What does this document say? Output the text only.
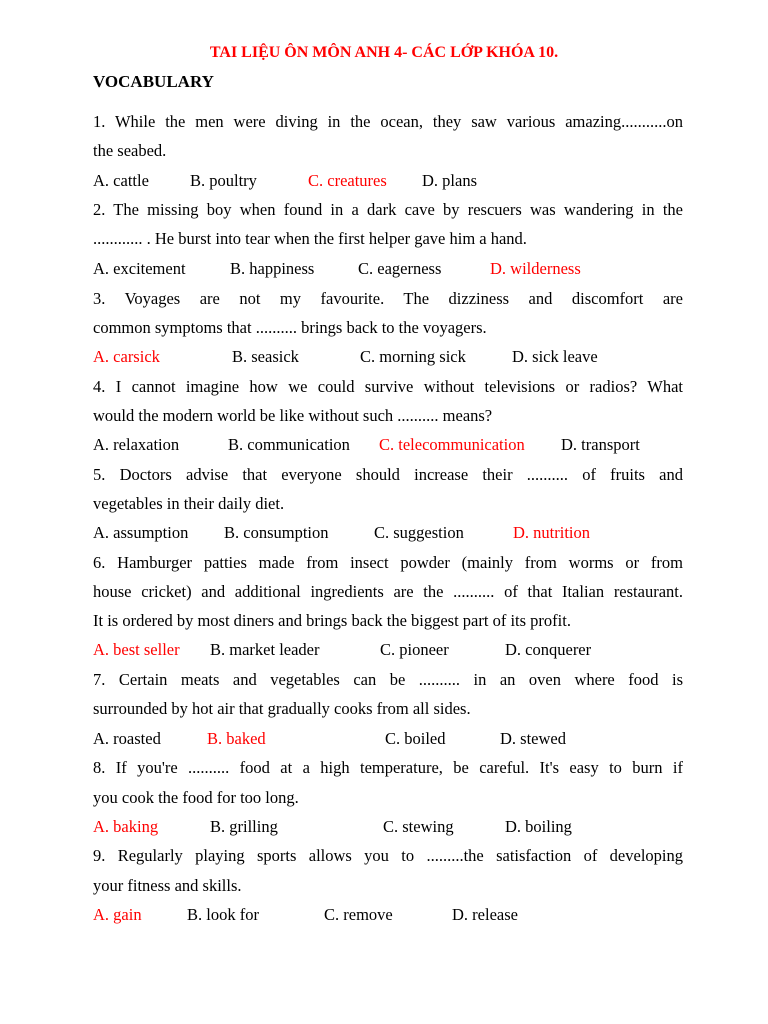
TAI LIỆU ÔN MÔN ANH 4- CÁC LỚP KHÓA 10.
VOCABULARY
1. While the men were diving in the ocean, they saw various amazing...........on
the seabed.
A. cattle B. poultry	C. creatures D. plans
2. The missing boy when found in a dark cave by rescuers was wandering in the
............ . He burst into tear when the first helper gave him a hand.
A. excitement	B. happiness	C. eagerness	D. wilderness
3. Voyages are not my favourite. The dizziness and discomfort are
common symptoms that .......... brings back to the voyagers.
A. carsick	B. seasick	C. morning sick	D. sick leave
4. I cannot imagine how we could survive without televisions or radios? What
would the modern world be like without such .......... means?
A. relaxation	B. communication C. telecommunication D. transport
5. Doctors advise that everyone should increase their .......... of fruits and
vegetables in their daily diet.
A. assumption B. consumption	C. suggestion	D. nutrition
6. Hamburger patties made from insect powder (mainly from worms or from
house cricket) and additional ingredients are the .......... of that Italian restaurant.
It is ordered by most diners and brings back the biggest part of its profit.
A. best seller B. market leader	C. pioneer	D. conquerer
7. Certain meats and vegetables can be .......... in an oven where food is
surrounded by hot air that gradually cooks from all sides.
A. roasted	B. baked	C. boiled	D. stewed
8. If you're .......... food at a high temperature, be careful. It's easy to burn if
you cook the food for too long.
A. baking	B. grilling	C. stewing	D. boiling
9. Regularly playing sports allows you to .........the satisfaction of developing
your fitness and skills.
A. gain	B. look for	C. remove	D. release
